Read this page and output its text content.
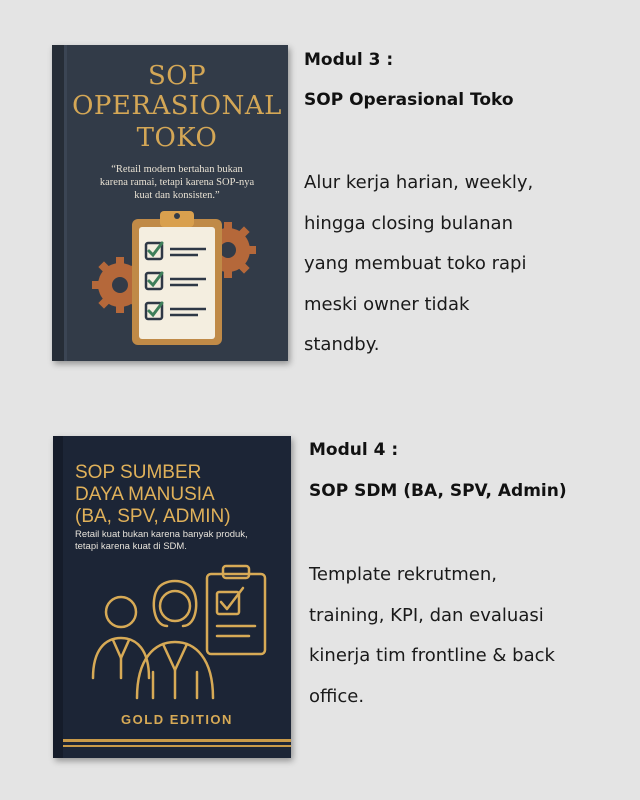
SOP
OPERASIONAL
TOKO
“Retail modern bertahan bukan
karena ramai, tetapi karena SOP-nya
kuat dan konsisten.”
Modul 3 :
SOP Operasional Toko
Alur kerja harian, weekly,
hingga closing bulanan
yang membuat toko rapi
meski owner tidak
standby.
SOP SUMBER
DAYA MANUSIA
(BA, SPV, ADMIN)
Retail kuat bukan karena banyak produk,
tetapi karena kuat di SDM.
GOLD EDITION
Modul 4 :
SOP SDM (BA, SPV, Admin)
Template rekrutmen,
training, KPI, dan evaluasi
kinerja tim frontline & back
office.
